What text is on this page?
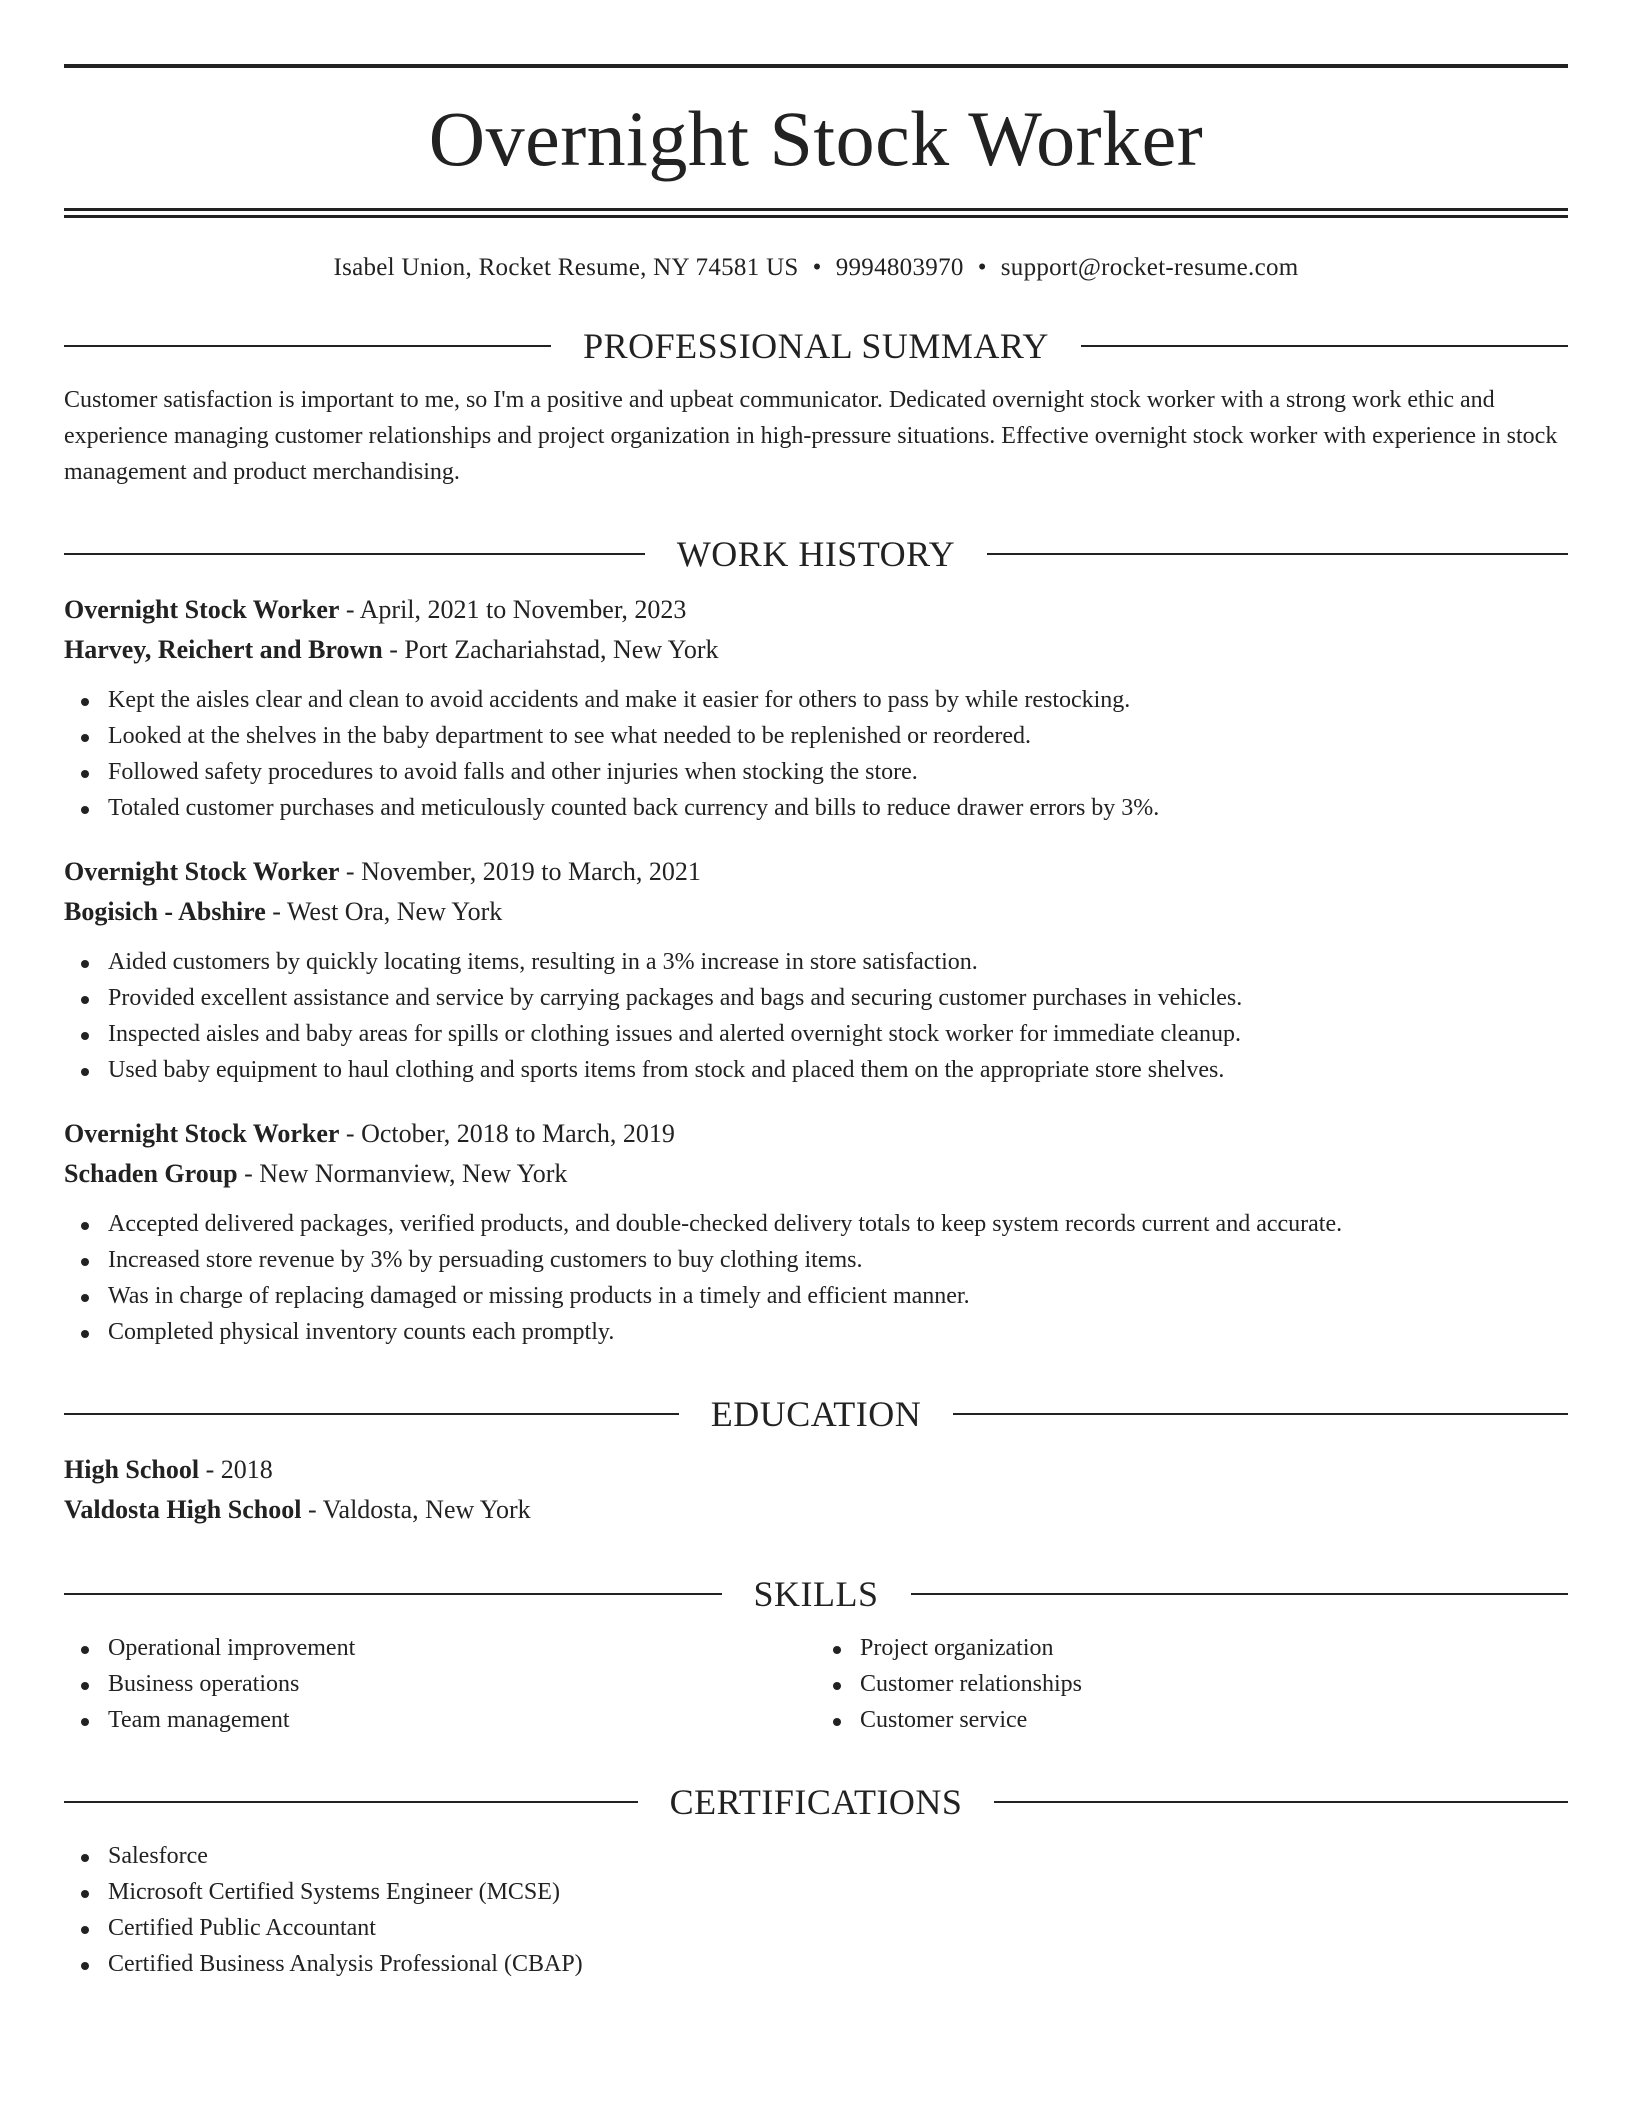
Overnight Stock Worker
Isabel Union, Rocket Resume, NY 74581 US • 9994803970 • support@rocket-resume.com
PROFESSIONAL SUMMARY

Customer satisfaction is important to me, so I'm a positive and upbeat communicator. Dedicated overnight stock worker with a strong work ethic and experience managing customer relationships and project organization in high-pressure situations. Effective overnight stock worker with experience in stock management and product merchandising.

WORK HISTORY
Overnight Stock Worker - April, 2021 to November, 2023
Harvey, Reichert and Brown - Port Zachariahstad, New York
Kept the aisles clear and clean to avoid accidents and make it easier for others to pass by while restocking.
Looked at the shelves in the baby department to see what needed to be replenished or reordered.
Followed safety procedures to avoid falls and other injuries when stocking the store.
Totaled customer purchases and meticulously counted back currency and bills to reduce drawer errors by 3%.
Overnight Stock Worker - November, 2019 to March, 2021
Bogisich - Abshire - West Ora, New York
Aided customers by quickly locating items, resulting in a 3% increase in store satisfaction.
Provided excellent assistance and service by carrying packages and bags and securing customer purchases in vehicles.
Inspected aisles and baby areas for spills or clothing issues and alerted overnight stock worker for immediate cleanup.
Used baby equipment to haul clothing and sports items from stock and placed them on the appropriate store shelves.
Overnight Stock Worker - October, 2018 to March, 2019
Schaden Group - New Normanview, New York
Accepted delivered packages, verified products, and double-checked delivery totals to keep system records current and accurate.
Increased store revenue by 3% by persuading customers to buy clothing items.
Was in charge of replacing damaged or missing products in a timely and efficient manner.
Completed physical inventory counts each promptly.
EDUCATION
High School - 2018
Valdosta High School - Valdosta, New York
SKILLS
Operational improvement
Business operations
Team management
Project organization
Customer relationships
Customer service
CERTIFICATIONS
Salesforce
Microsoft Certified Systems Engineer (MCSE)
Certified Public Accountant
Certified Business Analysis Professional (CBAP)
